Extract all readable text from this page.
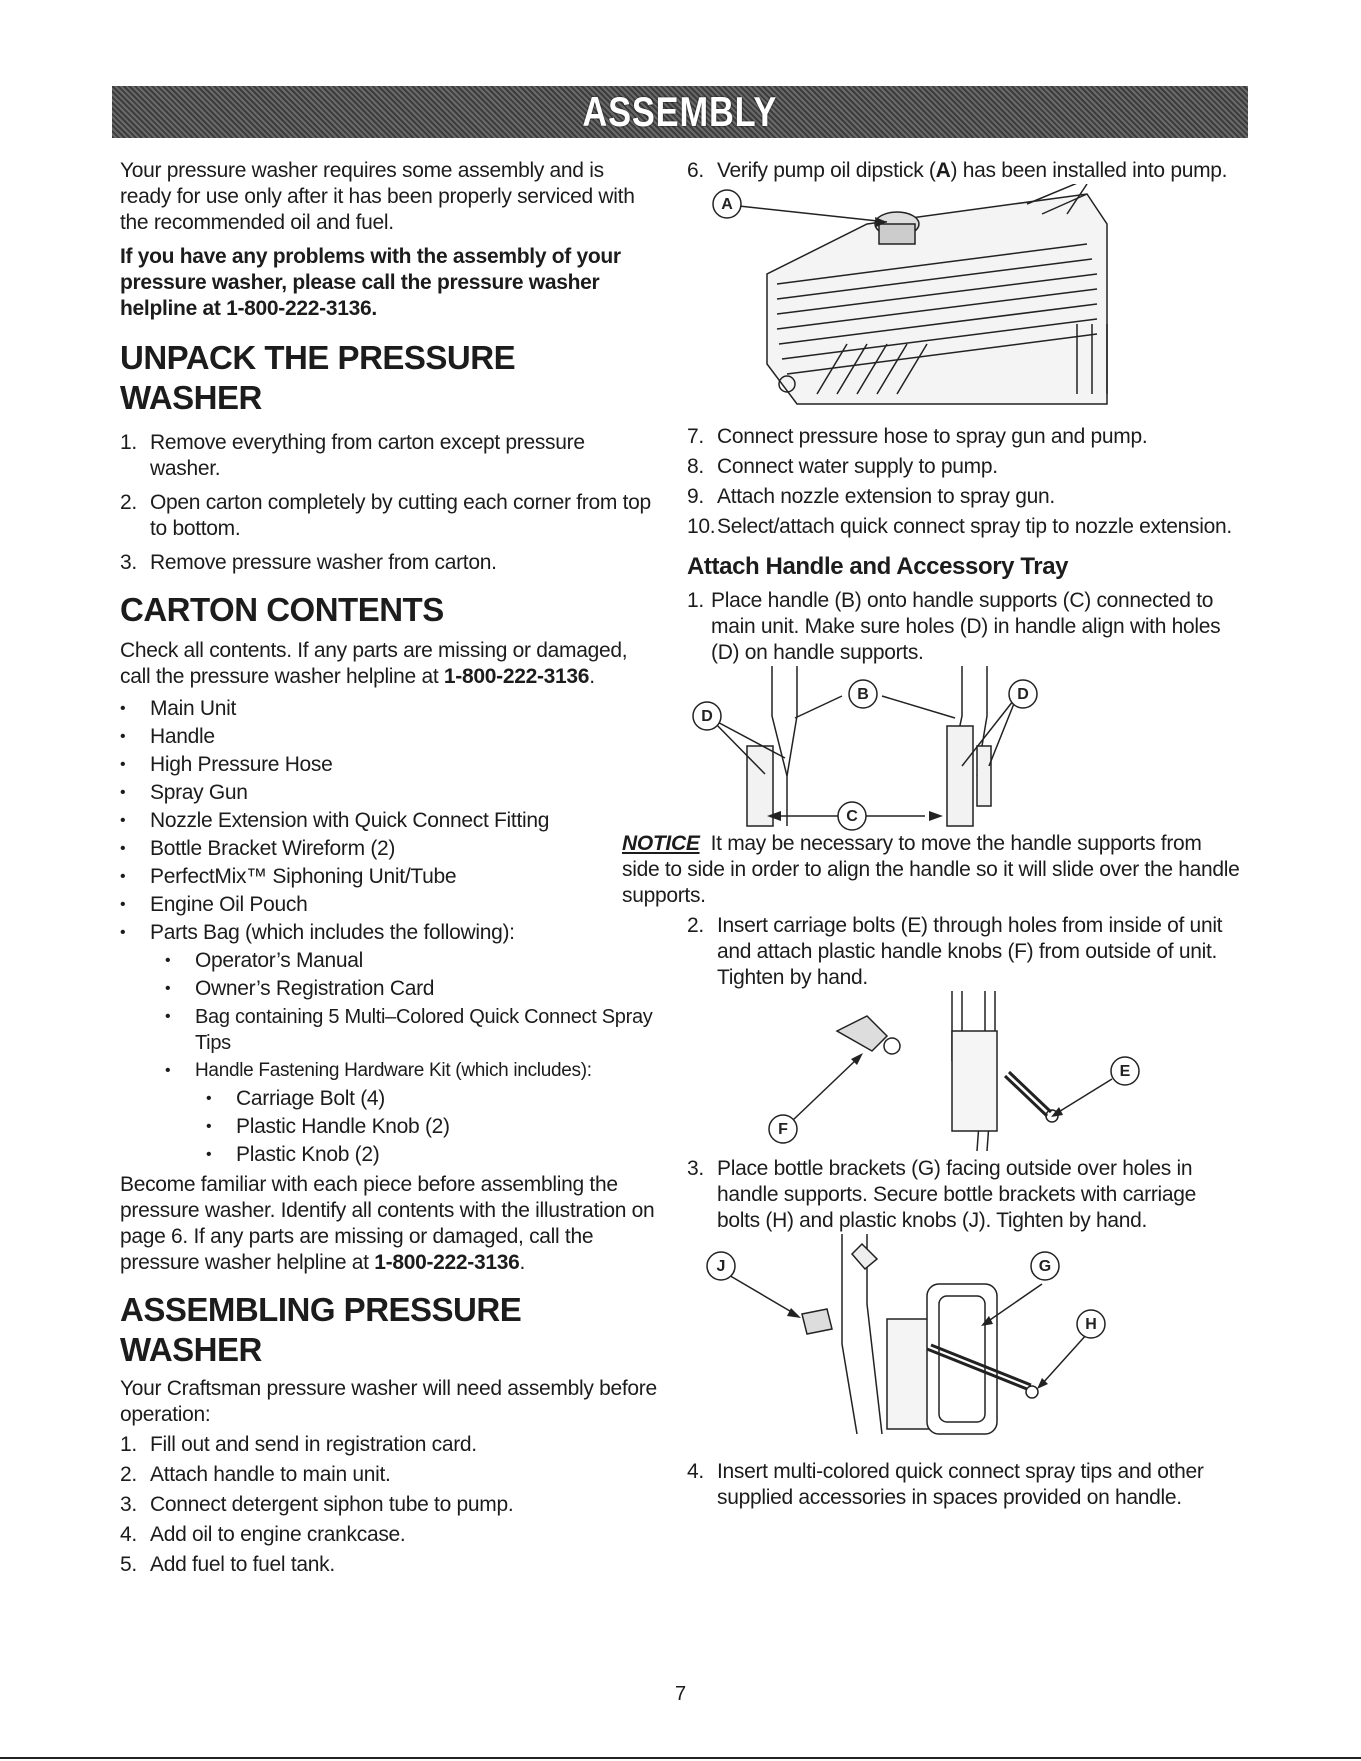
ASSEMBLY

Your pressure washer requires some assembly and is ready for use only after it has been properly serviced with the recommended oil and fuel.

If you have any problems with the assembly of your pressure washer, please call the pressure washer helpline at 1-800-222-3136.

UNPACK THE PRESSURE WASHER
1. Remove everything from carton except pressure washer.
2. Open carton completely by cutting each corner from top to bottom.
3. Remove pressure washer from carton.
CARTON CONTENTS

Check all contents. If any parts are missing or damaged, call the pressure washer helpline at 1-800-222-3136.

•	Main Unit
•	Handle
•	High Pressure Hose
•	Spray Gun
•	Nozzle Extension with Quick Connect Fitting
•	Bottle Bracket Wireform (2)
•	PerfectMix™ Siphoning Unit/Tube
•	Engine Oil Pouch
•	Parts Bag (which includes the following):
•	Operator’s Manual
•	Owner’s Registration Card
•	Bag containing 5 Multi–Colored Quick Connect Spray Tips
•	Handle Fastening Hardware Kit (which includes):
•	Carriage Bolt (4)
•	Plastic Handle Knob (2)
•	Plastic Knob (2)

Become familiar with each piece before assembling the pressure washer. Identify all contents with the illustration on page 6. If any parts are missing or damaged, call the pressure washer helpline at 1-800-222-3136.

ASSEMBLING PRESSURE WASHER

Your Craftsman pressure washer will need assembly before operation:

1. Fill out and send in registration card.
2. Attach handle to main unit.
3. Connect detergent siphon tube to pump.
4. Add oil to engine crankcase.
5. Add fuel to fuel tank.
6. Verify pump oil dipstick (A) has been installed into pump.
A
7. Connect pressure hose to spray gun and pump.
8. Connect water supply to pump.
9. Attach nozzle extension to spray gun.
10. Select/attach quick connect spray tip to nozzle extension.
Attach Handle and Accessory Tray
1. Place handle (B) onto handle supports (C) connected to main unit. Make sure holes (D) in handle align with holes (D) on handle supports.
B
D
D
C

NOTICE It may be necessary to move the handle supports from side to side in order to align the handle so it will slide over the handle supports.

2. Insert carriage bolts (E) through holes from inside of unit and attach plastic handle knobs (F) from outside of unit. Tighten by hand.
F
E
3. Place bottle brackets (G) facing outside over holes in handle supports. Secure bottle brackets with carriage bolts (H) and plastic knobs (J). Tighten by hand.
J	G
H
4. Insert multi-colored quick connect spray tips and other supplied accessories in spaces provided on handle.
7
